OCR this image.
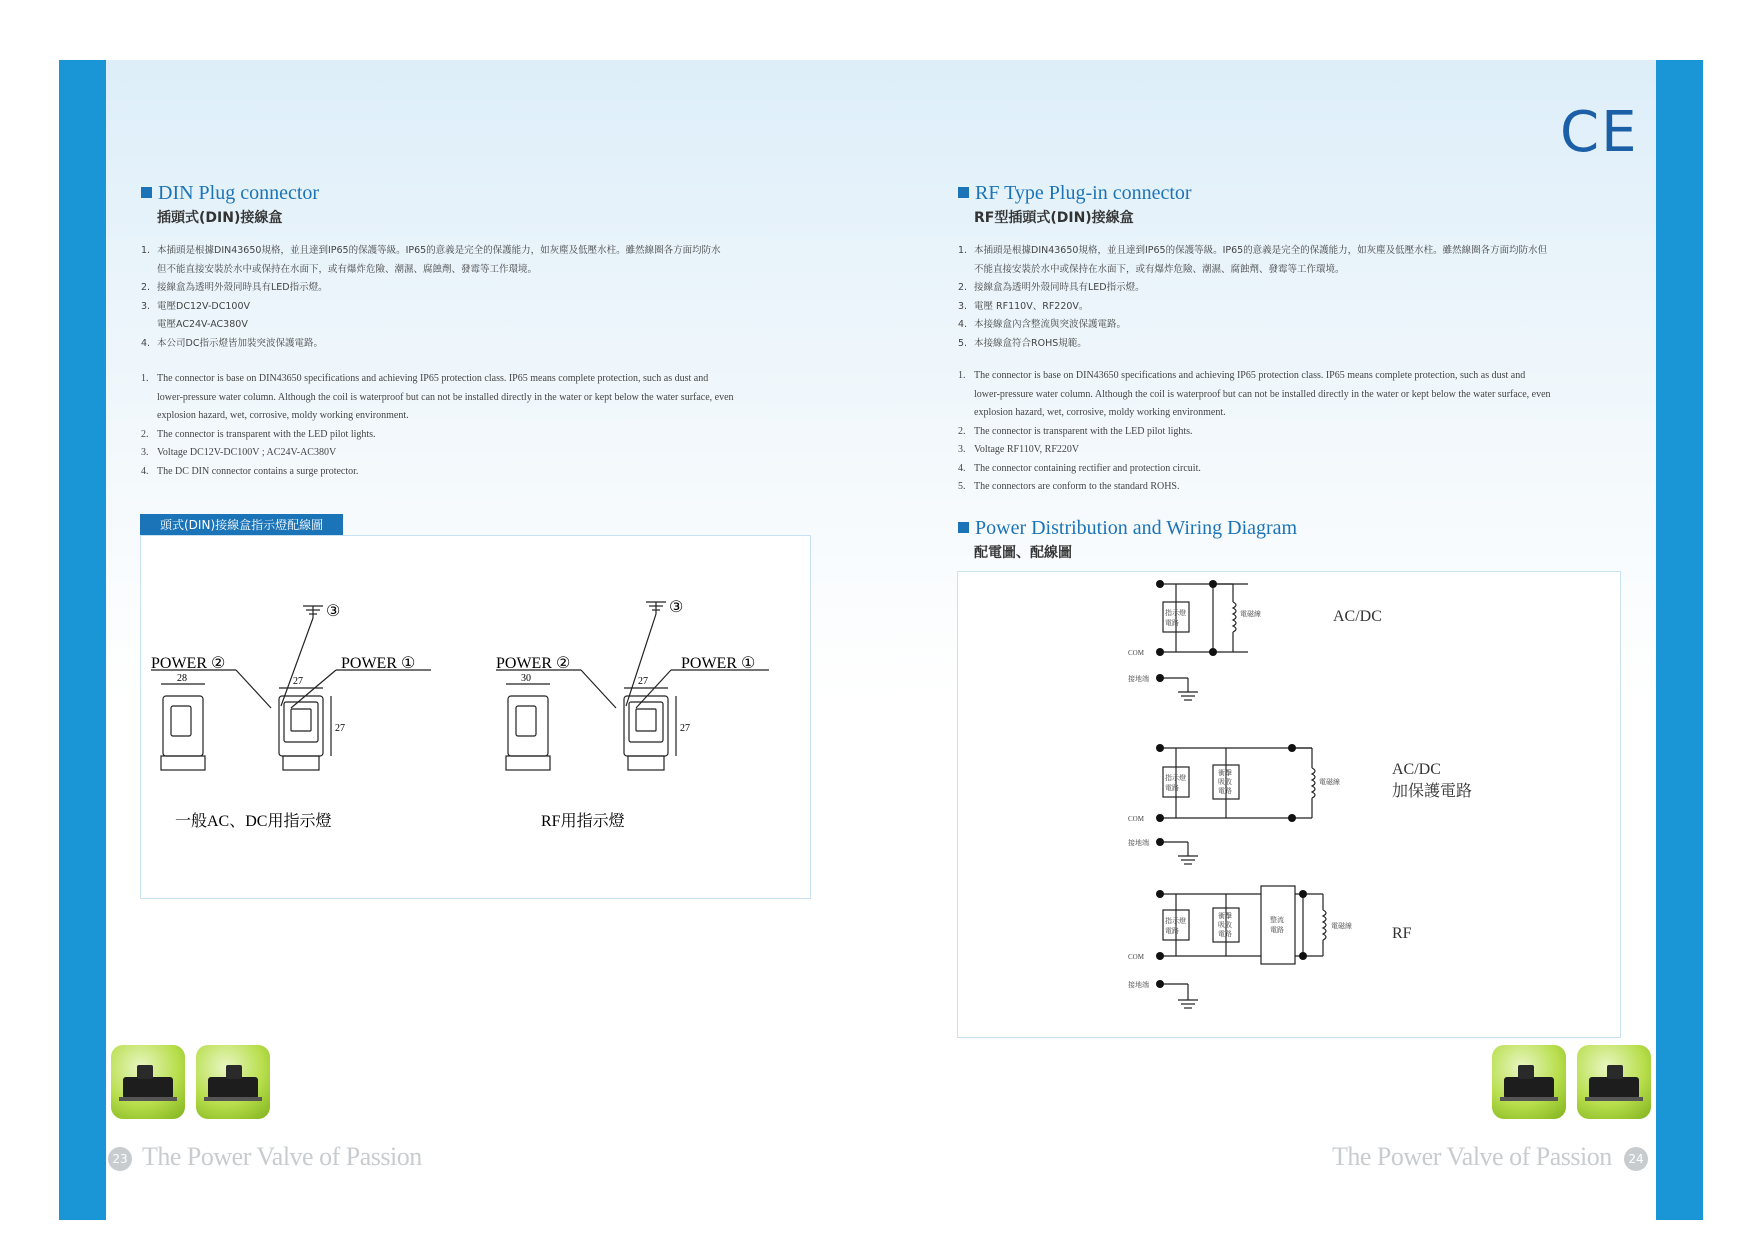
DIN Plug connector
插頭式(DIN)接線盒
1. 本插頭是根據DIN43650規格，並且達到IP65的保護等級。IP65的意義是完全的保護能力，如灰塵及低壓水柱。雖然線圈各方面均防水
但不能直接安裝於水中或保持在水面下，或有爆炸危險、潮濕、腐蝕劑、發霉等工作環境。
2. 接線盒為透明外殼同時具有LED指示燈。
3. 電壓DC12V-DC100V
電壓AC24V-AC380V
4. 本公司DC指示燈皆加裝突波保護電路。
1. The connector is base on DIN43650 specifications and achieving IP65 protection class. IP65 means complete protection, such as dust and
lower-pressure water column. Although the coil is waterproof but can not be installed directly in the water or kept below the water surface, even
explosion hazard, wet, corrosive, moldy working environment.
2. The connector is transparent with the LED pilot lights.
3. Voltage DC12V-DC100V ; AC24V-AC380V
4. The DC DIN connector contains a surge protector.
頭式(DIN)接線盒指示燈配線圖
POWER ②	POWER ①
③
28	27
27
POWER ②	POWER ①
③
30	27
27
一般AC、DC用指示燈	RF用指示燈
23 The Power Valve of Passion
CE
RF Type Plug-in connector
RF型插頭式(DIN)接線盒
1. 本插頭是根據DIN43650規格，並且達到IP65的保護等級。IP65的意義是完全的保護能力，如灰塵及低壓水柱。雖然線圈各方面均防水但
不能直接安裝於水中或保持在水面下，或有爆炸危險、潮濕、腐蝕劑、發霉等工作環境。
2. 接線盒為透明外殼同時具有LED指示燈。
3. 電壓 RF110V、RF220V。
4. 本接線盒內含整流與突波保護電路。
5. 本接線盒符合ROHS規範。
1. The connector is base on DIN43650 specifications and achieving IP65 protection class. IP65 means complete protection, such as dust and
lower-pressure water column. Although the coil is waterproof but can not be installed directly in the water or kept below the water surface, even
explosion hazard, wet, corrosive, moldy working environment.
2. The connector is transparent with the LED pilot lights.
3. Voltage RF110V, RF220V
4. The connector containing rectifier and protection circuit.
5. The connectors are conform to the standard ROHS.
Power Distribution and Wiring Diagram
配電圖、配線圖
指示燈
電路
電磁線
COM
接地端
指示燈
電路
衝擊
吸收
電路
電磁線
COM
接地端
指示燈
電路
衝擊
吸收
電路
整流
電路	電磁線
COM
接地端
AC/DC
AC/DC
加保護電路
RF
The Power Valve of Passion	24
